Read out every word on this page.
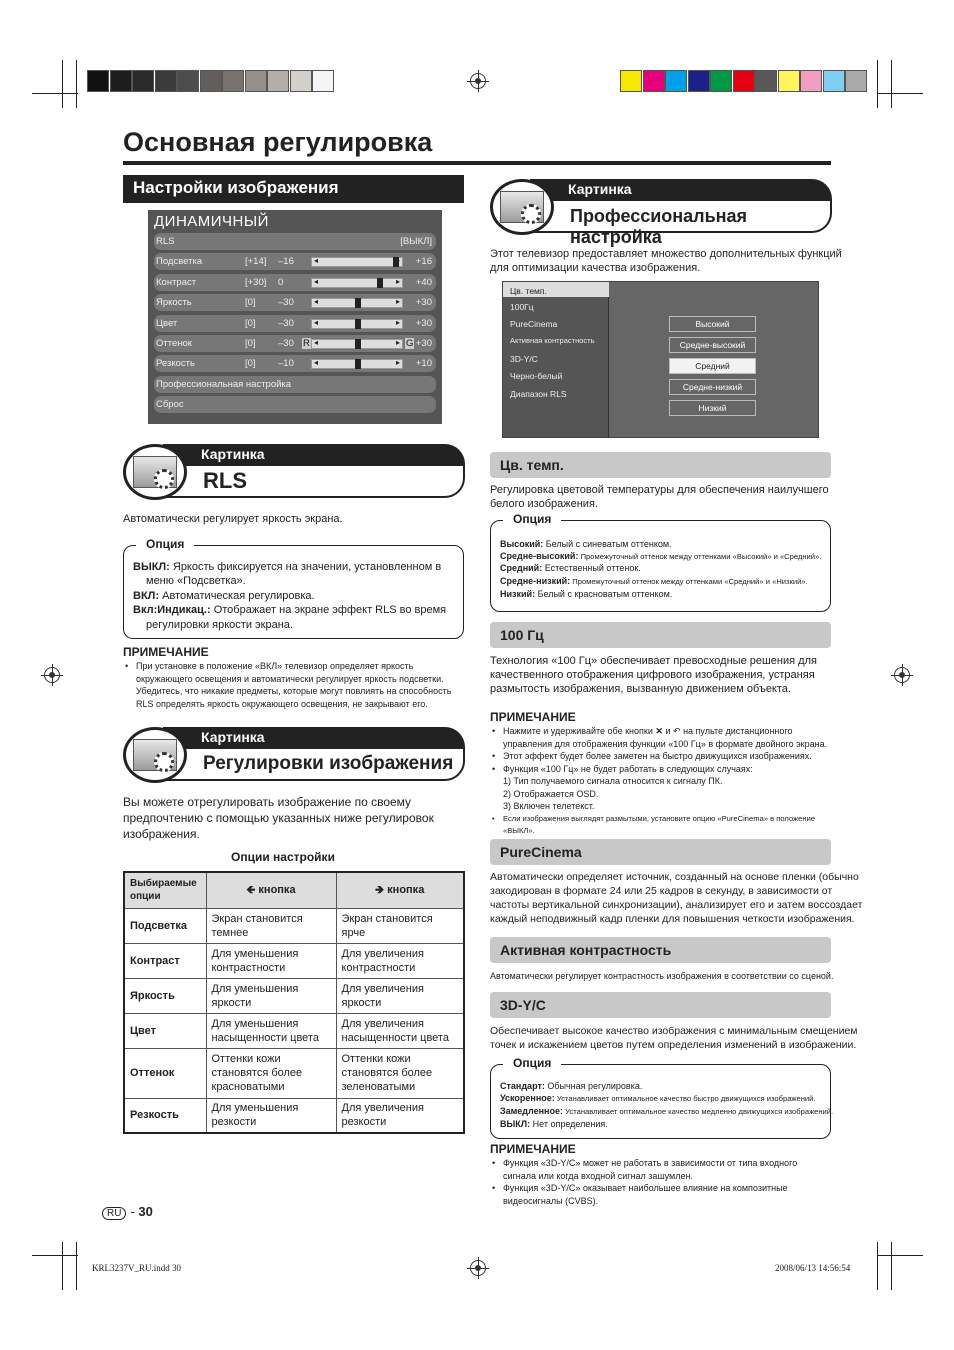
Основная регулировка
Настройки изображения
ДИНАМИЧНЫЙ
RLS	[ВЫКЛ]
Подсветка	[+14] –16	+16
◂	▸
Контраст	[+30] 0	+40
◂	▸
Яркость	[0] –30	+30
◂	▸
Цвет	[0] –30	+30
◂	▸
Оттенок	[0] –30	+30
◂	▸
R	G
Резкость	[0] –10	+10
◂	▸
Профессиональная настройка
Сброс
Картинка
RLS
Автоматически регулирует яркость экрана.
Опция
ВЫКЛ: Яркость фиксируется на значении, установленном в
меню «Подсветка».
ВКЛ: Автоматическая регулировка.
Вкл:Индикац.: Отображает на экране эффект RLS во время
регулировки яркости экрана.
ПРИМЕЧАНИЕ
• При установке в положение «ВКЛ» телевизор определяет яркость
окружающего освещения и автоматически регулирует яркость подсветки.
Убедитесь, что никакие предметы, которые могут повлиять на способность
RLS определять яркость окружающего освещения, не закрывают его.
Картинка
Регулировки изображения
Вы можете отрегулировать изображение по своему
предпочтению с помощью указанных ниже регулировок
изображения.
Опции настройки
Выбираемые опции	🡸 кнопка	🡺 кнопка
Подсветка	Экран становится темнее	Экран становится ярче
Контраст	Для уменьшения контрастности	Для увеличения контрастности
Яркость	Для уменьшения яркости	Для увеличения яркости
Цвет	Для уменьшения насыщенности цвета	Для увеличения насыщенности цвета
Оттенок	Оттенки кожи становятся более красноватыми	Оттенки кожи становятся более зеленоватыми
Резкость	Для уменьшения резкости	Для увеличения резкости
Картинка
Профессиональная настройка
Этот телевизор предоставляет множество дополнительных функций
для оптимизации качества изображения.
Цв. темп.
100Гц
PureCinema
Активная контрастность
3D-Y/C
Черно-белый
Диапазон RLS
Высокий
Средне-высокий
Средний
Средне-низкий
Низкий
Цв. темп.
Регулировка цветовой температуры для обеспечения наилучшего
белого изображения.
Опция
Высокий: Белый с синеватым оттенком.
Средне-высокий: Промежуточный оттенок между оттенками «Высокий» и «Средний».
Средний: Естественный оттенок.
Средне-низкий: Промежуточный оттенок между оттенками «Средний» и «Низкий».
Низкий: Белый с красноватым оттенком.
100 Гц
Технология «100 Гц» обеспечивает превосходные решения для
качественного отображения цифрового изображения, устраняя
размытость изображения, вызванную движением объекта.
ПРИМЕЧАНИЕ
• Нажмите и удерживайте обе кнопки ✕ и ↶ на пульте дистанционного
управления для отображения функции «100 Гц» в формате двойного экрана.
• Этот эффект будет более заметен на быстро движущихся изображениях.
• Функция «100 Гц» не будет работать в следующих случаях:
1) Тип получаемого сигнала относится к сигналу ПК.
2) Отображается OSD.
3) Включен телетекст.
• Если изображения выглядят размытыми, установите опцию «PureCinema» в положение «ВЫКЛ».
PureCinema
Автоматически определяет источник, созданный на основе пленки (обычно
закодирован в формате 24 или 25 кадров в секунду, в зависимости от
частоты вертикальной синхронизации), анализирует его и затем воссоздает
каждый неподвижный кадр пленки для повышения четкости изображения.
Активная контрастность
Автоматически регулирует контрастность изображения в соответствии со сценой.
3D-Y/C
Обеспечивает высокое качество изображения с минимальным смещением
точек и искажением цветов путем определения изменений в изображении.
Опция
Стандарт: Обычная регулировка.
Ускоренное: Устанавливает оптимальное качество быстро движущихся изображений.
Замедленное: Устанавливает оптимальное качество медленно движущихся изображений.
ВЫКЛ: Нет определения.
ПРИМЕЧАНИЕ
• Функция «3D-Y/C» может не работать в зависимости от типа входного
сигнала или когда входной сигнал зашумлен.
• Функция «3D-Y/C» оказывает наибольшее влияние на композитные
видеосигналы (CVBS).
RU - 30
KRL3237V_RU.indd 30	2008/06/13 14:56:54
